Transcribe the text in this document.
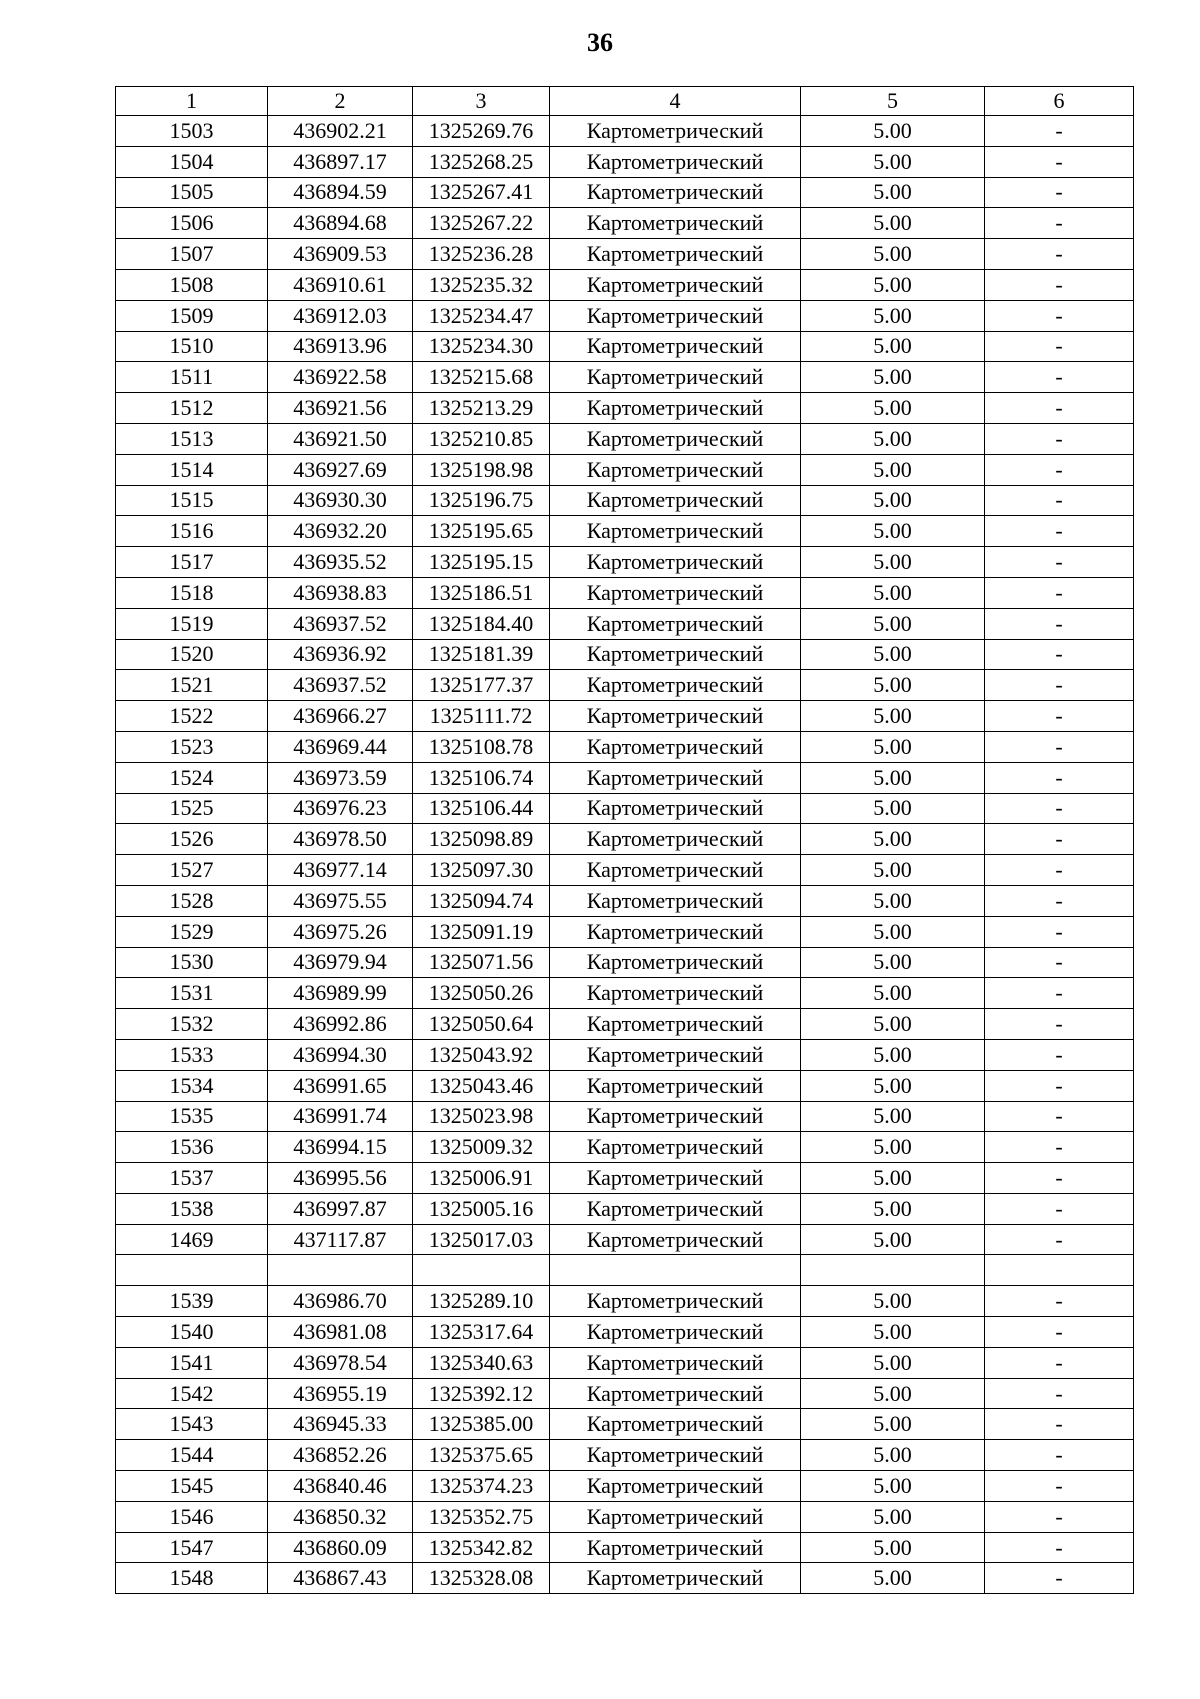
36
1	2	3	4	5	6
1503	436902.21	1325269.76	Картометрический	5.00	-
1504	436897.17	1325268.25	Картометрический	5.00	-
1505	436894.59	1325267.41	Картометрический	5.00	-
1506	436894.68	1325267.22	Картометрический	5.00	-
1507	436909.53	1325236.28	Картометрический	5.00	-
1508	436910.61	1325235.32	Картометрический	5.00	-
1509	436912.03	1325234.47	Картометрический	5.00	-
1510	436913.96	1325234.30	Картометрический	5.00	-
1511	436922.58	1325215.68	Картометрический	5.00	-
1512	436921.56	1325213.29	Картометрический	5.00	-
1513	436921.50	1325210.85	Картометрический	5.00	-
1514	436927.69	1325198.98	Картометрический	5.00	-
1515	436930.30	1325196.75	Картометрический	5.00	-
1516	436932.20	1325195.65	Картометрический	5.00	-
1517	436935.52	1325195.15	Картометрический	5.00	-
1518	436938.83	1325186.51	Картометрический	5.00	-
1519	436937.52	1325184.40	Картометрический	5.00	-
1520	436936.92	1325181.39	Картометрический	5.00	-
1521	436937.52	1325177.37	Картометрический	5.00	-
1522	436966.27	1325111.72	Картометрический	5.00	-
1523	436969.44	1325108.78	Картометрический	5.00	-
1524	436973.59	1325106.74	Картометрический	5.00	-
1525	436976.23	1325106.44	Картометрический	5.00	-
1526	436978.50	1325098.89	Картометрический	5.00	-
1527	436977.14	1325097.30	Картометрический	5.00	-
1528	436975.55	1325094.74	Картометрический	5.00	-
1529	436975.26	1325091.19	Картометрический	5.00	-
1530	436979.94	1325071.56	Картометрический	5.00	-
1531	436989.99	1325050.26	Картометрический	5.00	-
1532	436992.86	1325050.64	Картометрический	5.00	-
1533	436994.30	1325043.92	Картометрический	5.00	-
1534	436991.65	1325043.46	Картометрический	5.00	-
1535	436991.74	1325023.98	Картометрический	5.00	-
1536	436994.15	1325009.32	Картометрический	5.00	-
1537	436995.56	1325006.91	Картометрический	5.00	-
1538	436997.87	1325005.16	Картометрический	5.00	-
1469	437117.87	1325017.03	Картометрический	5.00	-

1539	436986.70	1325289.10	Картометрический	5.00	-
1540	436981.08	1325317.64	Картометрический	5.00	-
1541	436978.54	1325340.63	Картометрический	5.00	-
1542	436955.19	1325392.12	Картометрический	5.00	-
1543	436945.33	1325385.00	Картометрический	5.00	-
1544	436852.26	1325375.65	Картометрический	5.00	-
1545	436840.46	1325374.23	Картометрический	5.00	-
1546	436850.32	1325352.75	Картометрический	5.00	-
1547	436860.09	1325342.82	Картометрический	5.00	-
1548	436867.43	1325328.08	Картометрический	5.00	-
